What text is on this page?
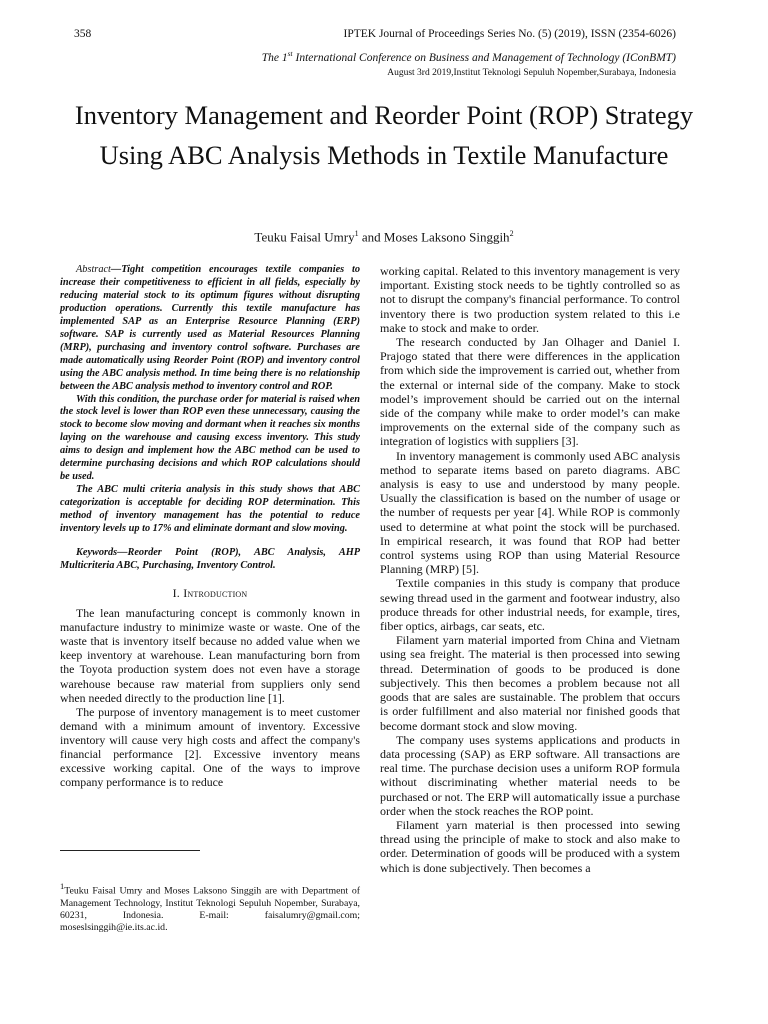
358	IPTEK Journal of Proceedings Series No. (5) (2019), ISSN (2354-6026)
The 1st International Conference on Business and Management of Technology (IConBMT)
August 3rd 2019,Institut Teknologi Sepuluh Nopember,Surabaya, Indonesia
Inventory Management and Reorder Point (ROP) Strategy Using ABC Analysis Methods in Textile Manufacture
Teuku Faisal Umry$^1$ and Moses Laksono Singgih$^2$

Abstract—Tight competition encourages textile companies to increase their competitiveness to efficient in all fields, especially by reducing material stock to its optimum figures without disrupting production operations. Currently this textile manufacture has implemented SAP as an Enterprise Resource Planning (ERP) software. SAP is currently used as Material Resources Planning (MRP), purchasing and inventory control software. Purchases are made automatically using Reorder Point (ROP) and inventory control using the ABC analysis method. In time being there is no relationship between the ABC analysis method to inventory control and ROP.

With this condition, the purchase order for material is raised when the stock level is lower than ROP even these unnecessary, causing the stock to become slow moving and dormant when it reaches six months laying on the warehouse and causing excess inventory. This study aims to design and implement how the ABC method can be used to determine purchasing decisions and which ROP calculations should be used.

The ABC multi criteria analysis in this study shows that ABC categorization is acceptable for deciding ROP determination. This method of inventory management has the potential to reduce inventory levels up to 17% and eliminate dormant and slow moving.

Keywords—Reorder Point (ROP), ABC Analysis, AHP Multicriteria ABC, Purchasing, Inventory Control.

I. Introduction

The lean manufacturing concept is commonly known in manufacture industry to minimize waste or waste. One of the waste that is inventory itself because no added value when we keep inventory at warehouse. Lean manufacturing born from the Toyota production system does not even have a storage warehouse because raw material from suppliers only send when needed directly to the production line [1].

The purpose of inventory management is to meet customer demand with a minimum amount of inventory. Excessive inventory will cause very high costs and affect the company's financial performance [2]. Excessive inventory means excessive working capital. One of the ways to improve company performance is to reduce

working capital. Related to this inventory management is very important. Existing stock needs to be tightly controlled so as not to disrupt the company's financial performance. To control inventory there is two production system related to this i.e make to stock and make to order.

The research conducted by Jan Olhager and Daniel I. Prajogo stated that there were differences in the application from which side the improvement is carried out, whether from the external or internal side of the company. Make to stock model’s improvement should be carried out on the internal side of the company while make to order model’s can make improvements on the external side of the company such as integration of logistics with suppliers [3].

In inventory management is commonly used ABC analysis method to separate items based on pareto diagrams. ABC analysis is easy to use and understood by many people. Usually the classification is based on the number of usage or the number of requests per year [4]. While ROP is commonly used to determine at what point the stock will be purchased. In empirical research, it was found that ROP had better control systems using ROP than using Material Resource Planning (MRP) [5].

Textile companies in this study is company that produce sewing thread used in the garment and footwear industry, also produce threads for other industrial needs, for example, tires, fiber optics, airbags, car seats, etc.

Filament yarn material imported from China and Vietnam using sea freight. The material is then processed into sewing thread. Determination of goods to be produced is done subjectively. This then becomes a problem because not all goods that are sales are sustainable. The problem that occurs is order fulfillment and also material nor finished goods that become dormant stock and slow moving.

The company uses systems applications and products in data processing (SAP) as ERP software. All transactions are real time. The purchase decision uses a uniform ROP formula without discriminating whether material needs to be purchased or not. The ERP will automatically issue a purchase order when the stock reaches the ROP point.

Filament yarn material is then processed into sewing thread using the principle of make to stock and also make to order. Determination of goods will be produced with a system which is done subjectively. Then becomes a

$^1$Teuku Faisal Umry and Moses Laksono Singgih are with Department of Management Technology, Institut Teknologi Sepuluh Nopember, Surabaya, 60231, Indonesia. E-mail: faisalumry@gmail.com; moseslsinggih@ie.its.ac.id.
